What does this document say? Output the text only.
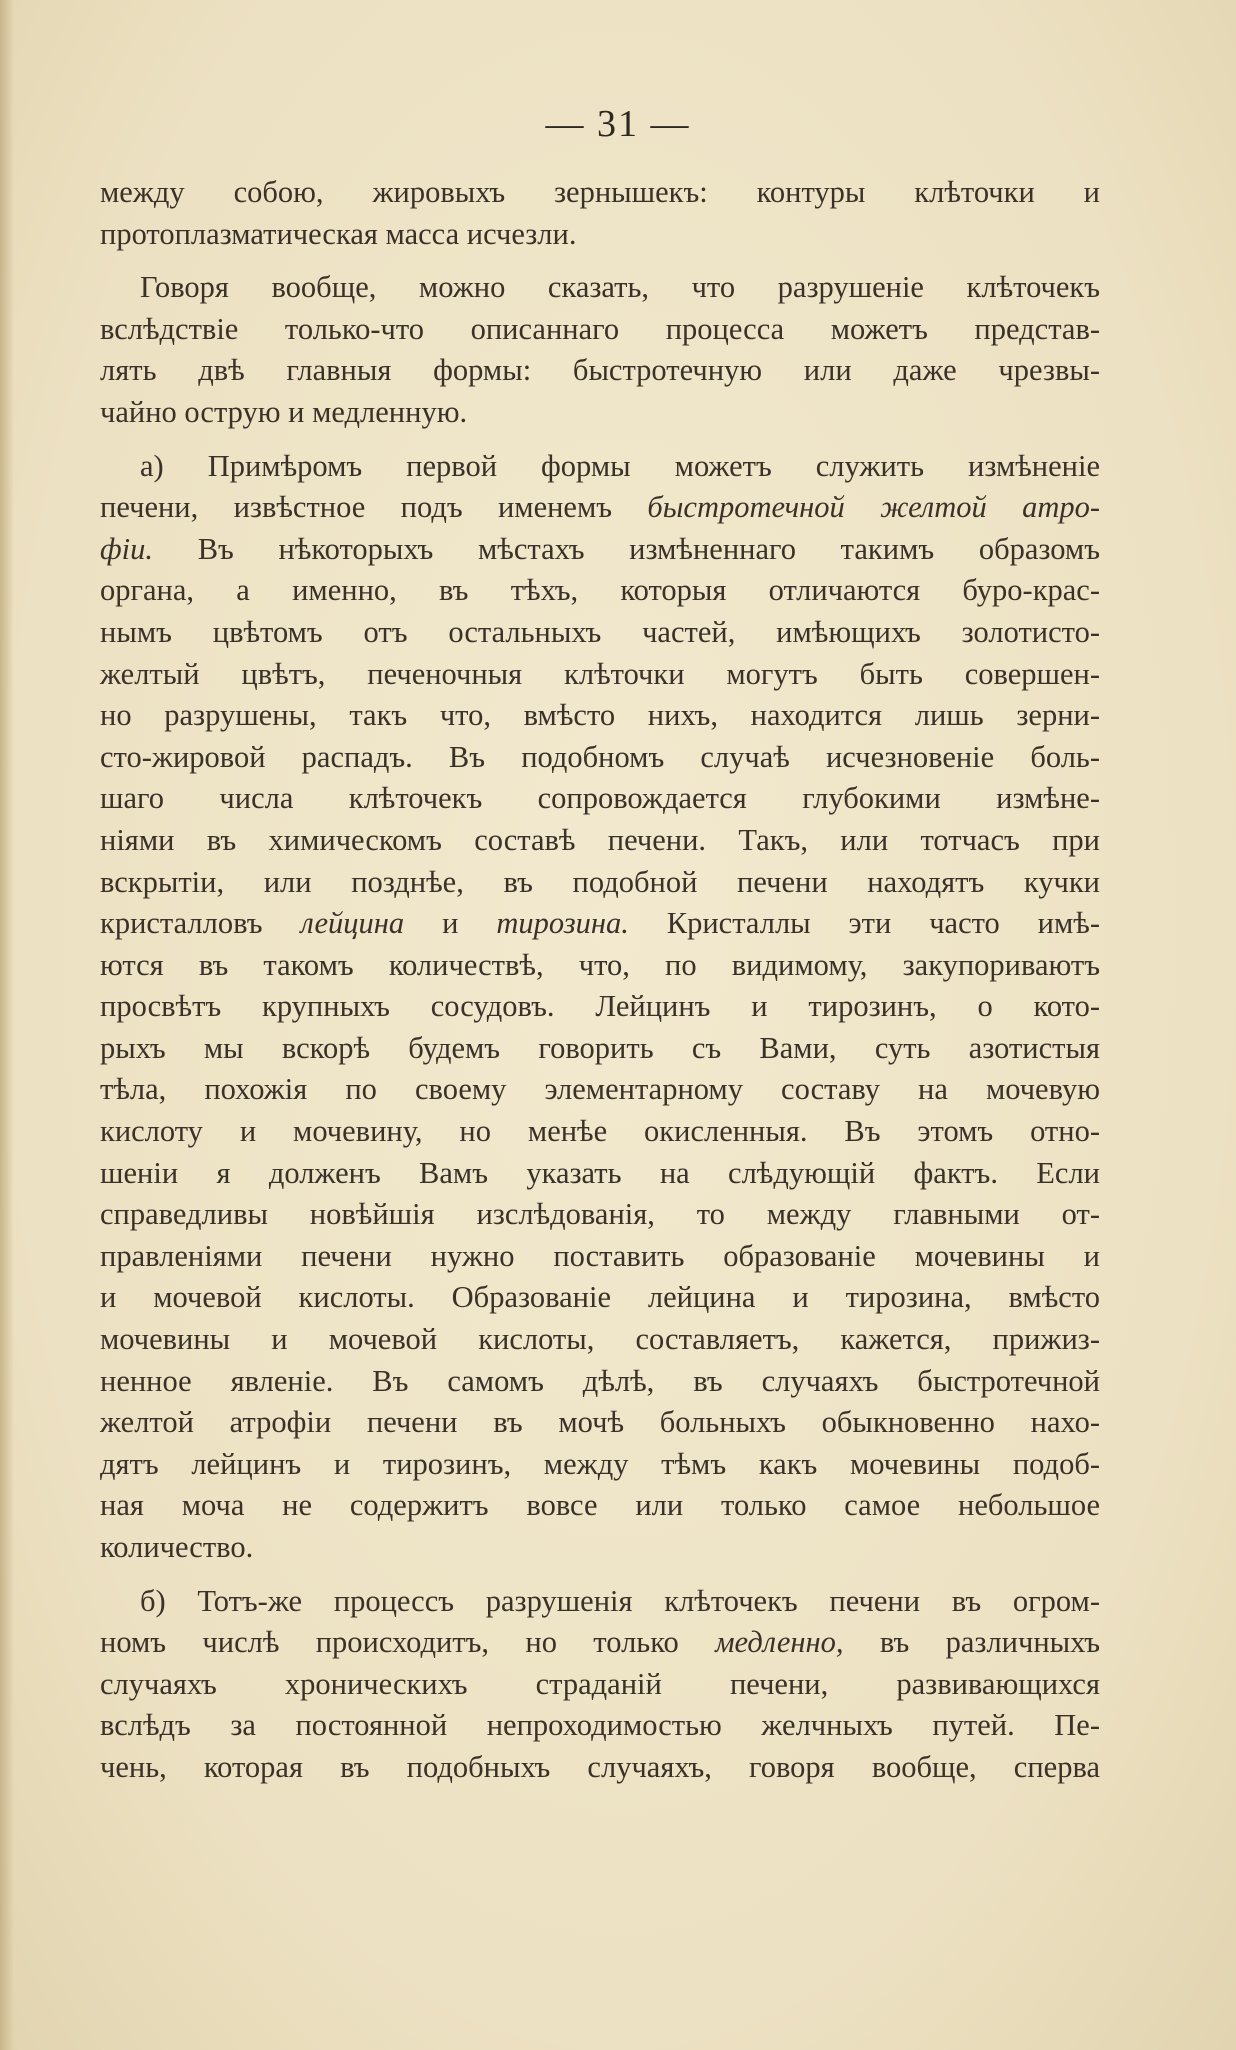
— 31 —

между собою, жировыхъ зернышекъ: контуры клѣточки и
протоплазматическая масса исчезли.

Говоря вообще, можно сказать, что разрушенiе клѣточекъ
вслѣдствiе только-что описаннаго процесса можетъ представ-
лять двѣ главныя формы: быстротечную или даже чрезвы-
чайно острую и медленную.

а) Примѣромъ первой формы можетъ служить измѣненiе
печени, извѣстное подъ именемъ быстротечной желтой атро-
фiи. Въ нѣкоторыхъ мѣстахъ измѣненнаго такимъ образомъ
органа, а именно, въ тѣхъ, которыя отличаются буро-крас-
нымъ цвѣтомъ отъ остальныхъ частей, имѣющихъ золотисто-
желтый цвѣтъ, печеночныя клѣточки могутъ быть совершен-
но разрушены, такъ что, вмѣсто нихъ, находится лишь зерни-
сто-жировой распадъ. Въ подобномъ случаѣ исчезновенiе боль-
шаго числа клѣточекъ сопровождается глубокими измѣне-
нiями въ химическомъ составѣ печени. Такъ, или тотчасъ при
вскрытiи, или позднѣе, въ подобной печени находятъ кучки
кристалловъ лейцина и тирозина. Кристаллы эти часто имѣ-
ются въ такомъ количествѣ, что, по видимому, закупориваютъ
просвѣтъ крупныхъ сосудовъ. Лейцинъ и тирозинъ, о кото-
рыхъ мы вскорѣ будемъ говорить съ Вами, суть азотистыя
тѣла, похожiя по своему элементарному составу на мочевую
кислоту и мочевину, но менѣе окисленныя. Въ этомъ отно-
шенiи я долженъ Вамъ указать на слѣдующiй фактъ. Если
справедливы новѣйшiя изслѣдованiя, то между главными от-
правленiями печени нужно поставить образованiе мочевины и
и мочевой кислоты. Образованiе лейцина и тирозина, вмѣсто
мочевины и мочевой кислоты, составляетъ, кажется, прижиз-
ненное явленiе. Въ самомъ дѣлѣ, въ случаяхъ быстротечной
желтой атрофiи печени въ мочѣ больныхъ обыкновенно нахо-
дятъ лейцинъ и тирозинъ, между тѣмъ какъ мочевины подоб-
ная моча не содержитъ вовсе или только самое небольшое
количество.

б) Тотъ-же процессъ разрушенiя клѣточекъ печени въ огром-
номъ числѣ происходитъ, но только медленно, въ различныхъ
случаяхъ хроническихъ страданiй печени, развивающихся
вслѣдъ за постоянной непроходимостью желчныхъ путей. Пе-
чень, которая въ подобныхъ случаяхъ, говоря вообще, сперва
